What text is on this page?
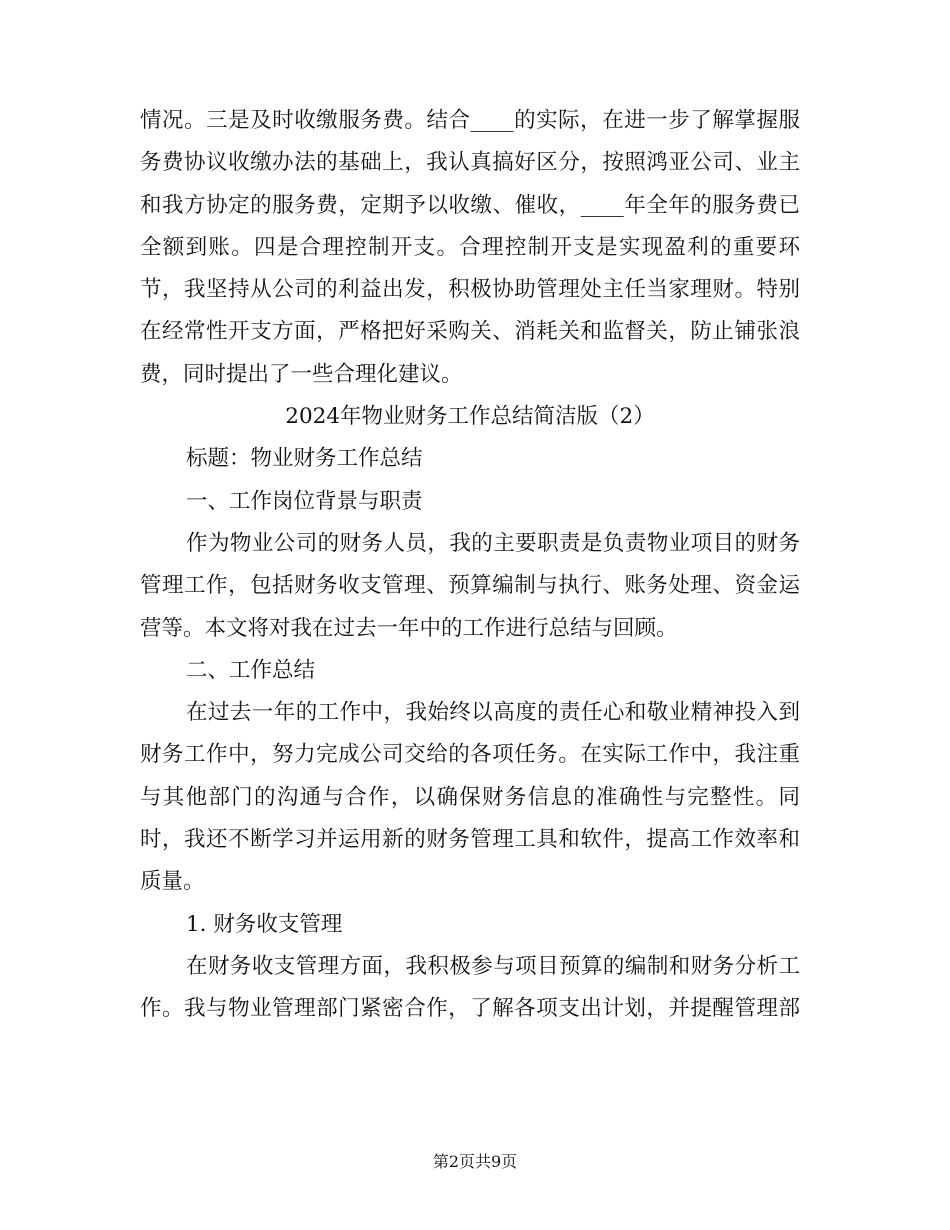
情况。三是及时收缴服务费。结合____的实际，在进一步了解掌握服
务费协议收缴办法的基础上，我认真搞好区分，按照鸿亚公司、业主
和我方协定的服务费，定期予以收缴、催收，____年全年的服务费已
全额到账。四是合理控制开支。合理控制开支是实现盈利的重要环
节，我坚持从公司的利益出发，积极协助管理处主任当家理财。特别
在经常性开支方面，严格把好采购关、消耗关和监督关，防止铺张浪
费，同时提出了一些合理化建议。
2024年物业财务工作总结简洁版（2）
标题：物业财务工作总结
一、工作岗位背景与职责
作为物业公司的财务人员，我的主要职责是负责物业项目的财务
管理工作，包括财务收支管理、预算编制与执行、账务处理、资金运
营等。本文将对我在过去一年中的工作进行总结与回顾。
二、工作总结
在过去一年的工作中，我始终以高度的责任心和敬业精神投入到
财务工作中，努力完成公司交给的各项任务。在实际工作中，我注重
与其他部门的沟通与合作，以确保财务信息的准确性与完整性。同
时，我还不断学习并运用新的财务管理工具和软件，提高工作效率和
质量。
1. 财务收支管理
在财务收支管理方面，我积极参与项目预算的编制和财务分析工
作。我与物业管理部门紧密合作，了解各项支出计划，并提醒管理部
第2页共9页
